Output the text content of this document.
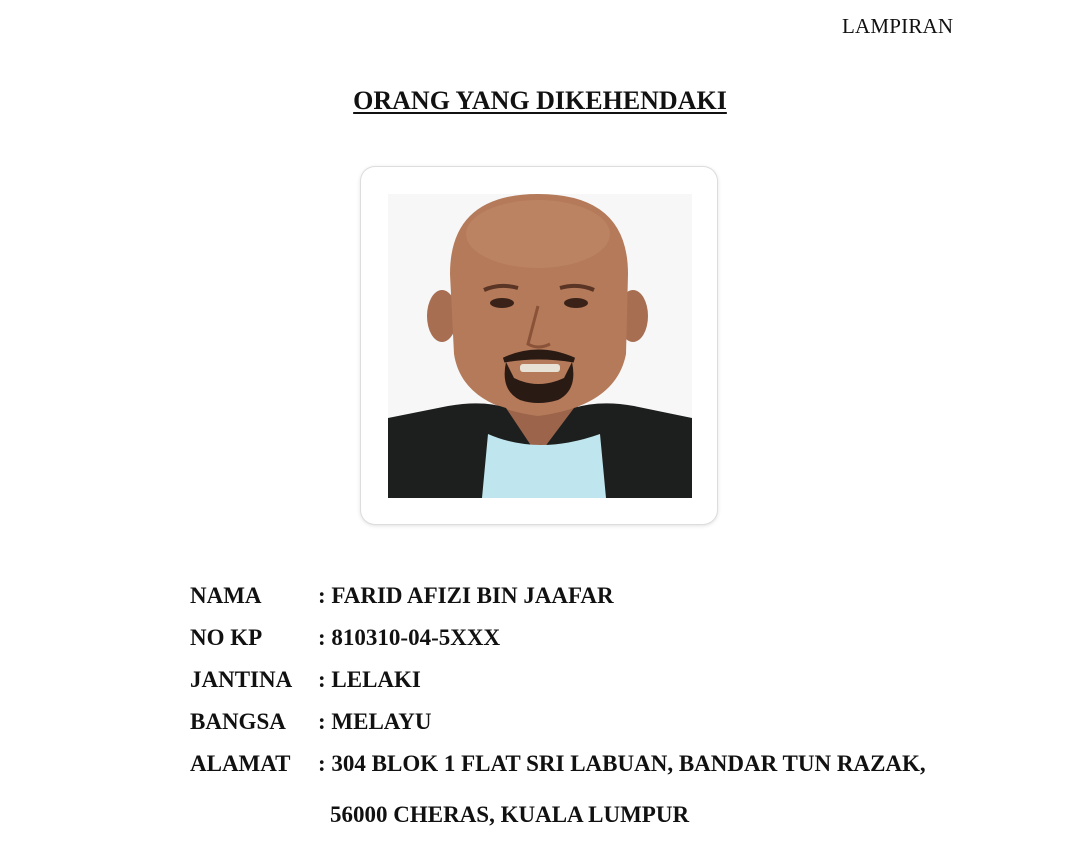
LAMPIRAN
ORANG YANG DIKEHENDAKI
NAMA : FARID AFIZI BIN JAAFAR
NO KP : 810310-04-5XXX
JANTINA : LELAKI
BANGSA : MELAYU
ALAMAT : 304 BLOK 1 FLAT SRI LABUAN, BANDAR TUN RAZAK,
56000 CHERAS, KUALA LUMPUR
